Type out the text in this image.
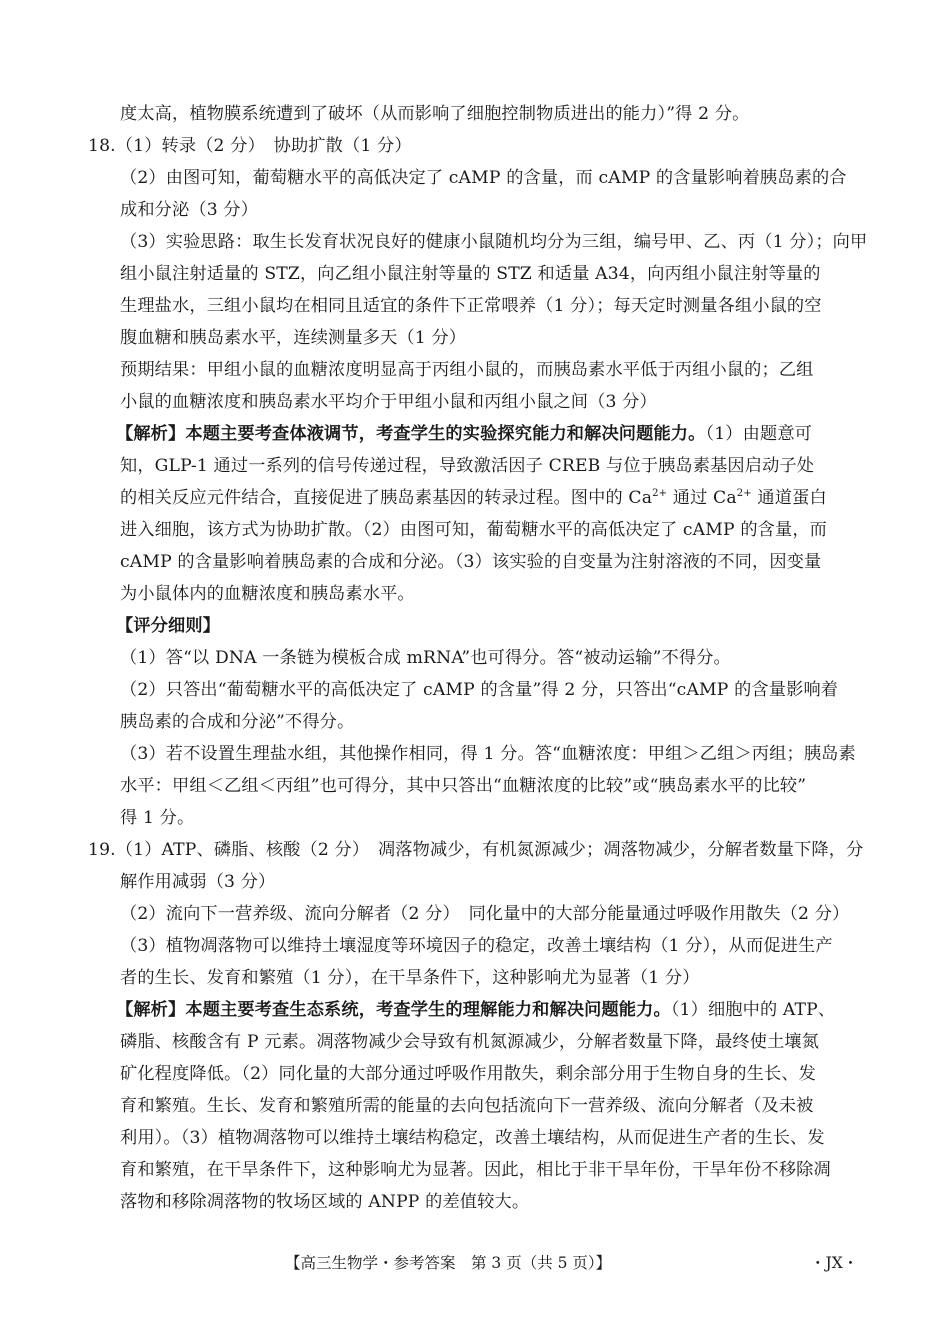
度太高，植物膜系统遭到了破坏（从而影响了细胞控制物质进出的能力）”得 2 分。
18.（1）转录（2 分）　协助扩散（1 分）
（2）由图可知，葡萄糖水平的高低决定了 cAMP 的含量，而 cAMP 的含量影响着胰岛素的合
成和分泌（3 分）
（3）实验思路：取生长发育状况良好的健康小鼠随机均分为三组，编号甲、乙、丙（1 分）；向甲
组小鼠注射适量的 STZ，向乙组小鼠注射等量的 STZ 和适量 A34，向丙组小鼠注射等量的
生理盐水，三组小鼠均在相同且适宜的条件下正常喂养（1 分）；每天定时测量各组小鼠的空
腹血糖和胰岛素水平，连续测量多天（1 分）
预期结果：甲组小鼠的血糖浓度明显高于丙组小鼠的，而胰岛素水平低于丙组小鼠的；乙组
小鼠的血糖浓度和胰岛素水平均介于甲组小鼠和丙组小鼠之间（3 分）
【解析】本题主要考查体液调节，考查学生的实验探究能力和解决问题能力。（1）由题意可
知，GLP-1 通过一系列的信号传递过程，导致激活因子 CREB 与位于胰岛素基因启动子处
的相关反应元件结合，直接促进了胰岛素基因的转录过程。图中的 $Ca^{2+}$ 通过 $Ca^{2+}$ 通道蛋白
进入细胞，该方式为协助扩散。（2）由图可知，葡萄糖水平的高低决定了 cAMP 的含量，而
cAMP 的含量影响着胰岛素的合成和分泌。（3）该实验的自变量为注射溶液的不同，因变量
为小鼠体内的血糖浓度和胰岛素水平。
【评分细则】
（1）答“以 DNA 一条链为模板合成 mRNA”也可得分。答“被动运输”不得分。
（2）只答出“葡萄糖水平的高低决定了 cAMP 的含量”得 2 分，只答出“cAMP 的含量影响着
胰岛素的合成和分泌”不得分。
（3）若不设置生理盐水组，其他操作相同，得 1 分。答“血糖浓度：甲组＞乙组＞丙组；胰岛素
水平：甲组＜乙组＜丙组”也可得分，其中只答出“血糖浓度的比较”或“胰岛素水平的比较”
得 1 分。
19.（1）ATP、磷脂、核酸（2 分）　凋落物减少，有机氮源减少；凋落物减少，分解者数量下降，分
解作用减弱（3 分）
（2）流向下一营养级、流向分解者（2 分）　同化量中的大部分能量通过呼吸作用散失（2 分）
（3）植物凋落物可以维持土壤湿度等环境因子的稳定，改善土壤结构（1 分），从而促进生产
者的生长、发育和繁殖（1 分），在干旱条件下，这种影响尤为显著（1 分）
【解析】本题主要考查生态系统，考查学生的理解能力和解决问题能力。（1）细胞中的 ATP、
磷脂、核酸含有 P 元素。凋落物减少会导致有机氮源减少，分解者数量下降，最终使土壤氮
矿化程度降低。（2）同化量的大部分通过呼吸作用散失，剩余部分用于生物自身的生长、发
育和繁殖。生长、发育和繁殖所需的能量的去向包括流向下一营养级、流向分解者（及未被
利用）。（3）植物凋落物可以维持土壤结构稳定，改善土壤结构，从而促进生产者的生长、发
育和繁殖，在干旱条件下，这种影响尤为显著。因此，相比于非干旱年份，干旱年份不移除凋
落物和移除凋落物的牧场区域的 ANPP 的差值较大。
【高三生物学・参考答案　第 3 页（共 5 页）】	・JX・
